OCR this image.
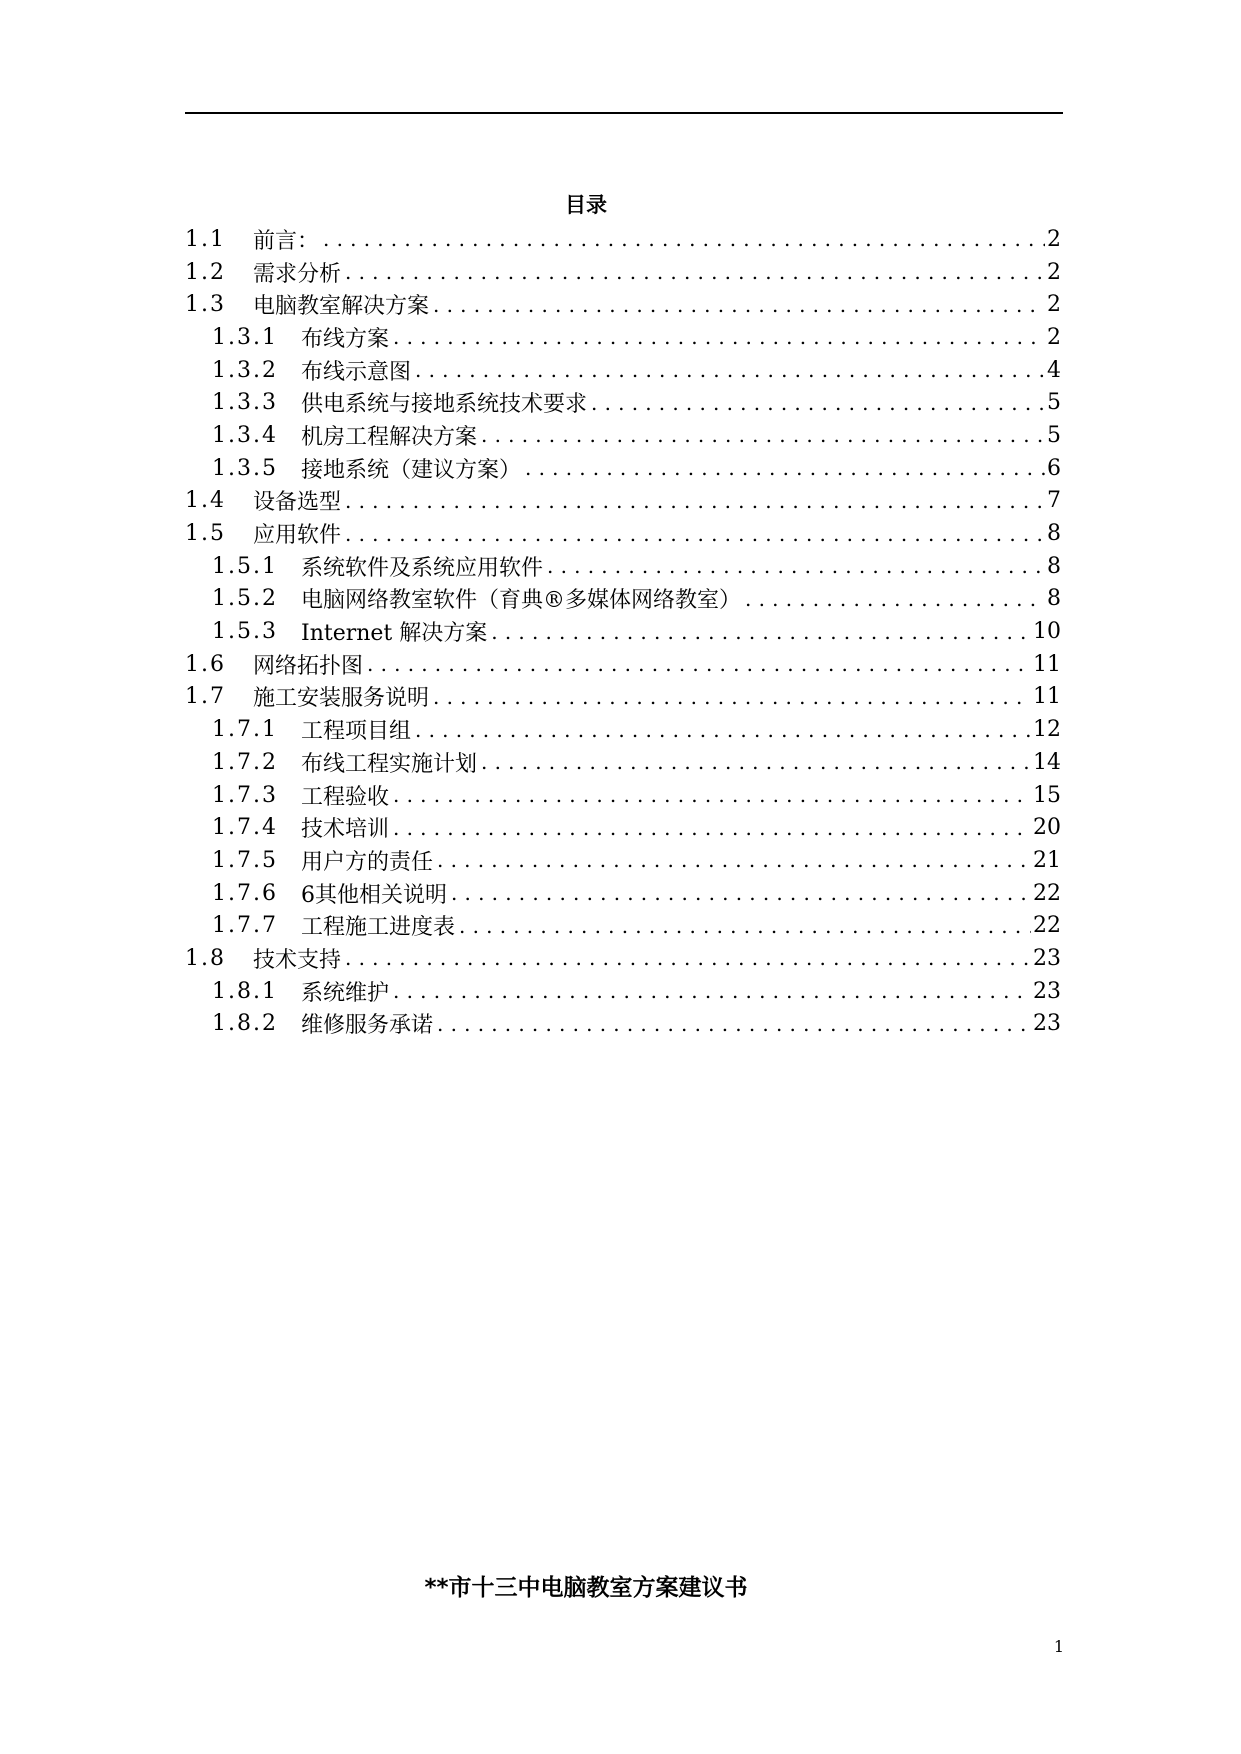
目录
1.1	前言： .....	2
1.2	需求分析 .....	2
1.3	电脑教室解决方案 .....	2
1.3.1	布线方案 .....	2
1.3.2	布线示意图 .....	4
1.3.3	供电系统与接地系统技术要求 .....	5
1.3.4	机房工程解决方案 .....	5
1.3.5	接地系统（建议方案） .....	6
1.4	设备选型 .....	7
1.5	应用软件 .....	8
1.5.1	系统软件及系统应用软件 .....	8
1.5.2	电脑网络教室软件（育典®多媒体网络教室） .....	8
1.5.3	Internet 解决方案 .....	10
1.6	网络拓扑图 .....	11
1.7	施工安装服务说明 .....	11
1.7.1	工程项目组 .....	12
1.7.2	布线工程实施计划 .....	14
1.7.3	工程验收 .....	15
1.7.4	技术培训 .....	20
1.7.5	用户方的责任 .....	21
1.7.6	6其他相关说明 .....	22
1.7.7	工程施工进度表 .....	22
1.8	技术支持 .....	23
1.8.1	系统维护 .....	23
1.8.2	维修服务承诺 .....	23
**市十三中电脑教室方案建议书
1
